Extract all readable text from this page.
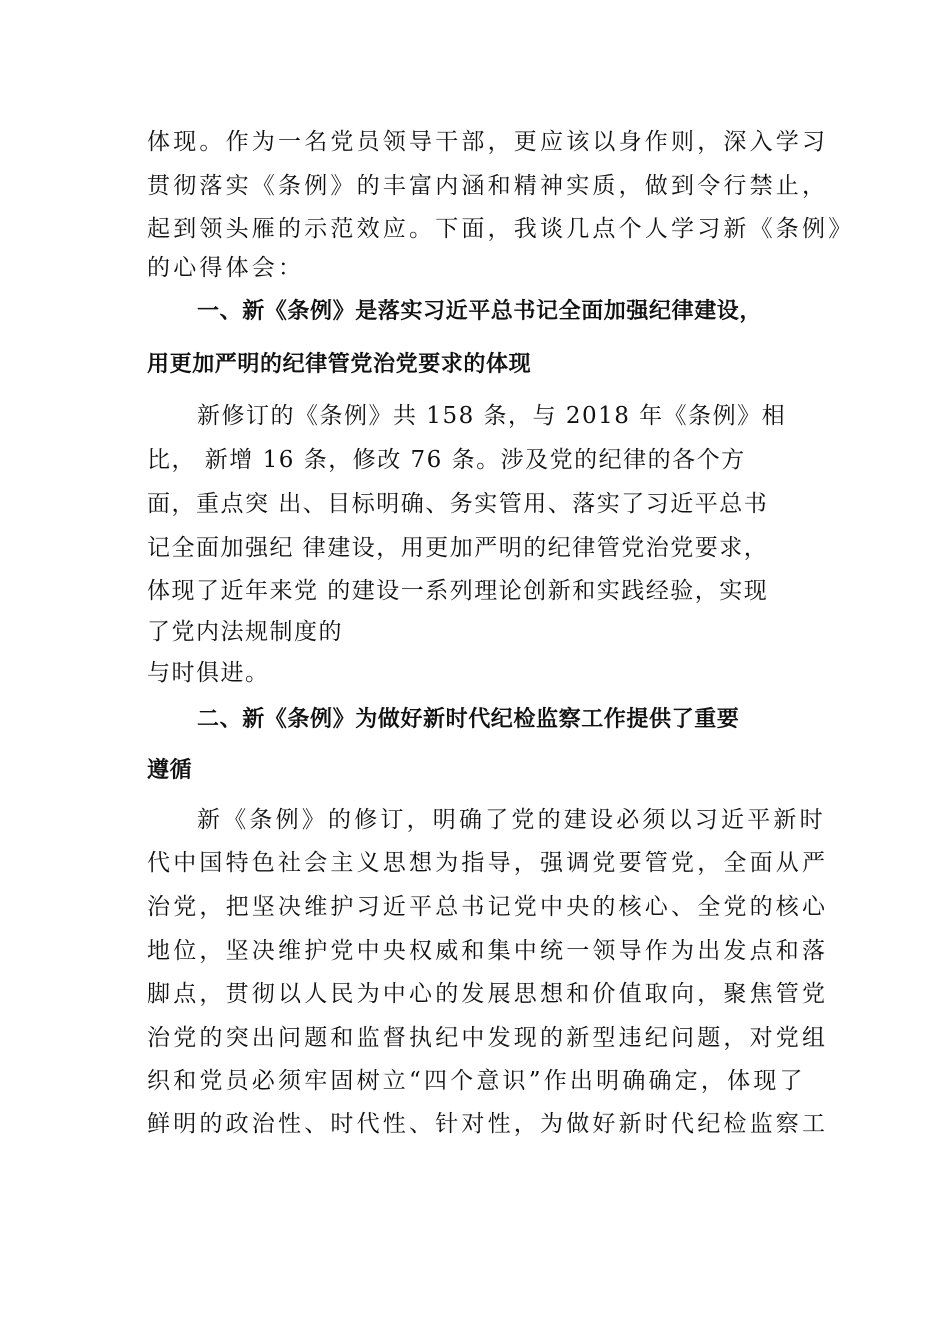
体现。作为一名党员领导干部，更应该以身作则，深入学习
贯彻落实《条例》的丰富内涵和精神实质，做到令行禁止，
起到领头雁的示范效应。下面，我谈几点个人学习新《条例》
的心得体会：
一、新《条例》是落实习近平总书记全面加强纪律建设，
用更加严明的纪律管党治党要求的体现
新修订的《条例》共 158 条，与 2018 年《条例》相
比， 新增 16 条，修改 76 条。涉及党的纪律的各个方
面，重点突 出、目标明确、务实管用、落实了习近平总书
记全面加强纪 律建设，用更加严明的纪律管党治党要求，
体现了近年来党 的建设一系列理论创新和实践经验，实现
了党内法规制度的
与时俱进。
二、新《条例》为做好新时代纪检监察工作提供了重要
遵循
新《条例》的修订，明确了党的建设必须以习近平新时
代中国特色社会主义思想为指导，强调党要管党，全面从严
治党，把坚决维护习近平总书记党中央的核心、全党的核心
地位，坚决维护党中央权威和集中统一领导作为出发点和落
脚点，贯彻以人民为中心的发展思想和价值取向，聚焦管党
治党的突出问题和监督执纪中发现的新型违纪问题，对党组
织和党员必须牢固树立“四个意识”作出明确确定，体现了
鲜明的政治性、时代性、针对性，为做好新时代纪检监察工
